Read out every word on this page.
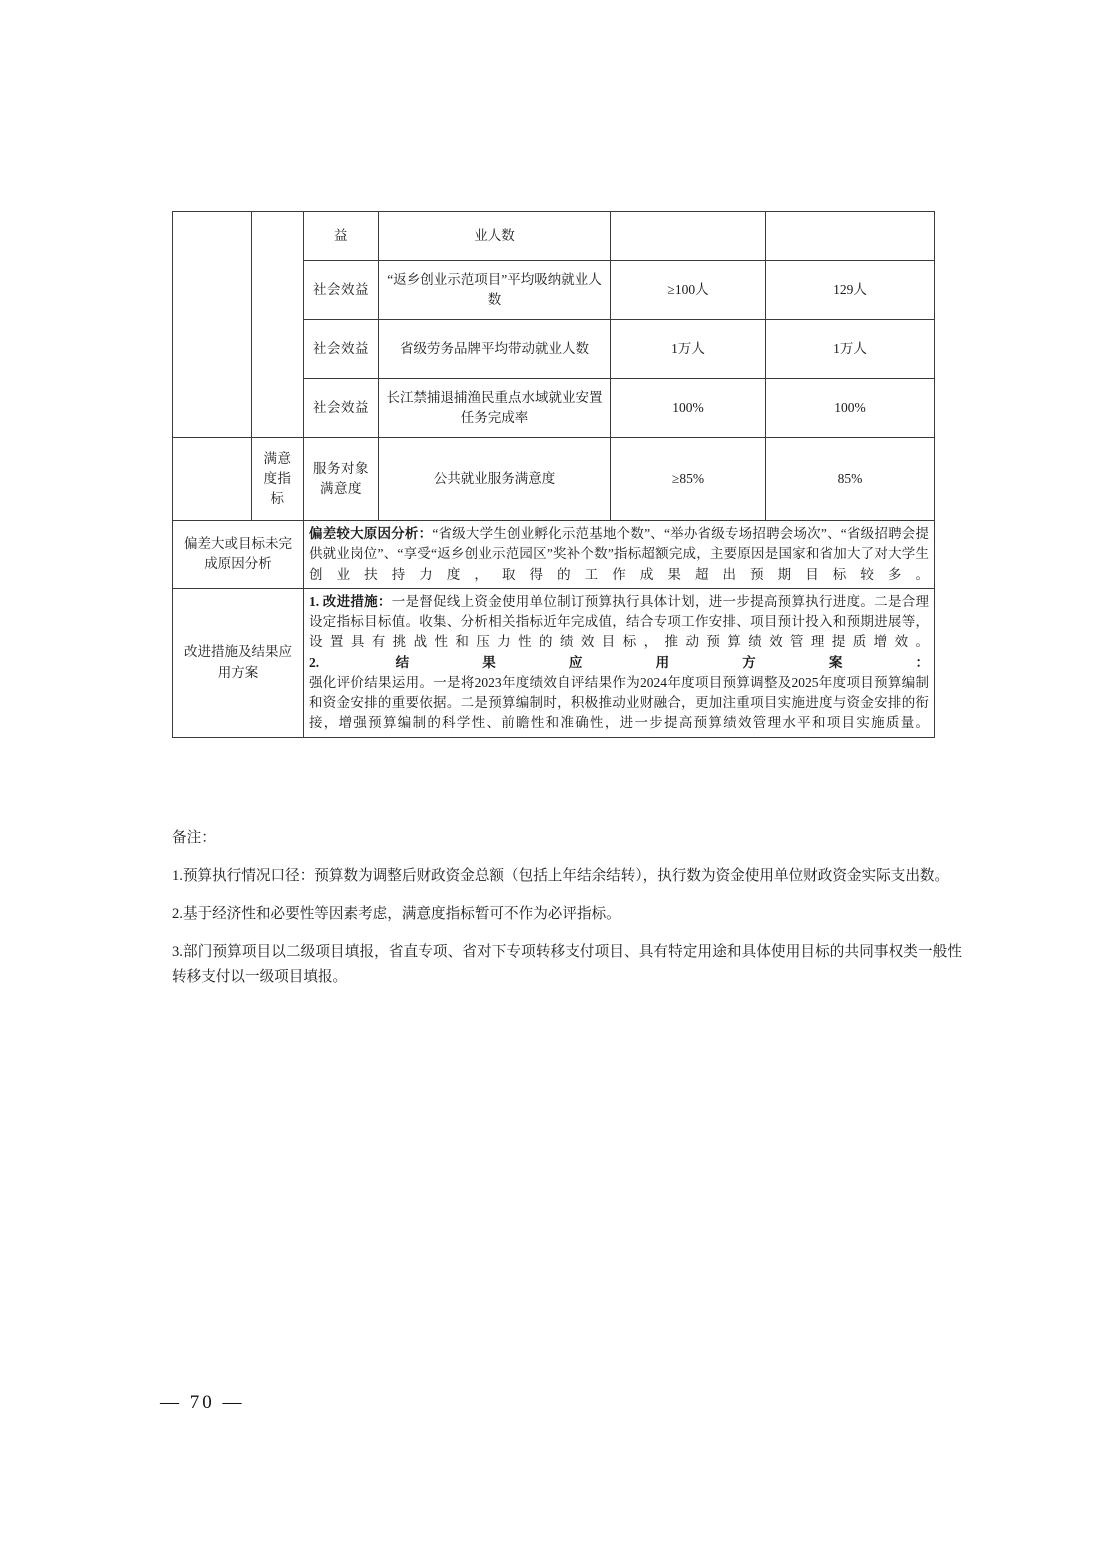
		益	业人数		
		社会效益	“返乡创业示范项目”平均吸纳就业人数	≥100人	129人
		社会效益	省级劳务品牌平均带动就业人数	1万人	1万人
		社会效益	长江禁捕退捕渔民重点水域就业安置任务完成率	100%	100%
	满意度指标	服务对象满意度	公共就业服务满意度	≥85%	85%
偏差大或目标未完成原因分析		偏差较大原因分析：“省级大学生创业孵化示范基地个数”、“举办省级专场招聘会场次”、“省级招聘会提供就业岗位”、“享受“返乡创业示范园区”奖补个数”指标超额完成，主要原因是国家和省加大了对大学生创业扶持力度，取得的工作成果超出预期目标较多。			

改进措施及结果应用方案		1. 改进措施：一是督促线上资金使用单位制订预算执行具体计划，进一步提高预算执行进度。二是合理设定指标目标值。收集、分析相关指标近年完成值，结合专项工作安排、项目预计投入和预期进展等，设置具有挑战性和压力性的绩效目标，推动预算绩效管理提质增效。

2. 结果应用方案：

强化评价结果运用。一是将2023年度绩效自评结果作为2024年度项目预算调整及2025年度项目预算编制和资金安排的重要依据。二是预算编制时，积极推动业财融合，更加注重项目实施进度与资金安排的衔接，增强预算编制的科学性、前瞻性和准确性，进一步提高预算绩效管理水平和项目实施质量。			

备注：

1.预算执行情况口径：预算数为调整后财政资金总额（包括上年结余结转），执行数为资金使用单位财政资金实际支出数。

2.基于经济性和必要性等因素考虑，满意度指标暂可不作为必评指标。

3.部门预算项目以二级项目填报，省直专项、省对下专项转移支付项目、具有特定用途和具体使用目标的共同事权类一般性转移支付以一级项目填报。

— 70 —
